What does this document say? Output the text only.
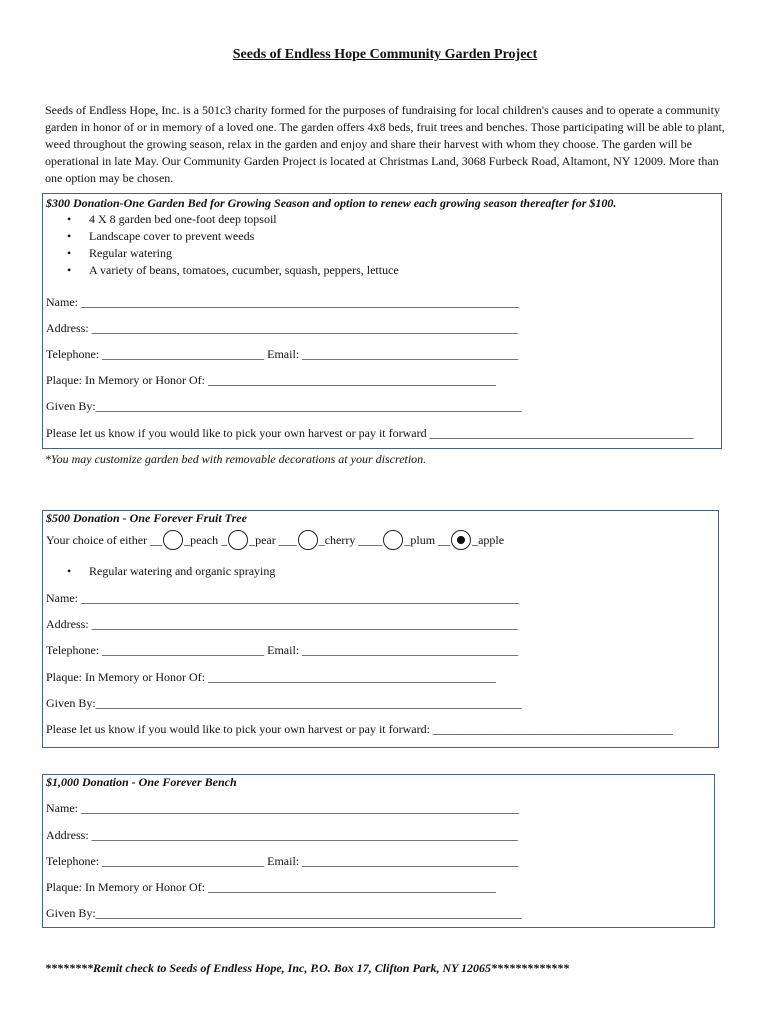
Seeds of Endless Hope Community Garden Project
Seeds of Endless Hope, Inc. is a 501c3 charity formed for the purposes of fundraising for local children's causes and to operate a community garden in honor of or in memory of a loved one. The garden offers 4x8 beds, fruit trees and benches. Those participating will be able to plant, weed throughout the growing season, relax in the garden and enjoy and share their harvest with whom they choose. The garden will be operational in late May. Our Community Garden Project is located at Christmas Land, 3068 Furbeck Road, Altamont, NY 12009. More than one option may be chosen.
$300 Donation-One Garden Bed for Growing Season and option to renew each growing season thereafter for $100.
• 4 X 8 garden bed one-foot deep topsoil
• Landscape cover to prevent weeds
• Regular watering
• A variety of beans, tomatoes, cucumber, squash, peppers, lettuce
Name: _________________________________________________________________________
Address: _______________________________________________________________________
Telephone: ___________________________ Email: ____________________________________
Plaque: In Memory or Honor Of: ________________________________________________
Given By:_______________________________________________________________________
Please let us know if you would like to pick your own harvest or pay it forward ____________________________________________
*You may customize garden bed with removable decorations at your discretion.
$500 Donation - One Forever Fruit Tree
Your choice of either __ _peach _ _pear ___ _cherry ____ _plum __ _apple
• Regular watering and organic spraying
Name: _________________________________________________________________________
Address: _______________________________________________________________________
Telephone: ___________________________ Email: ____________________________________
Plaque: In Memory or Honor Of: ________________________________________________
Given By:_______________________________________________________________________
Please let us know if you would like to pick your own harvest or pay it forward: ________________________________________
$1,000 Donation - One Forever Bench
Name: _________________________________________________________________________
Address: _______________________________________________________________________
Telephone: ___________________________ Email: ____________________________________
Plaque: In Memory or Honor Of: ________________________________________________
Given By:_______________________________________________________________________
********Remit check to Seeds of Endless Hope, Inc, P.O. Box 17, Clifton Park, NY 12065*************
